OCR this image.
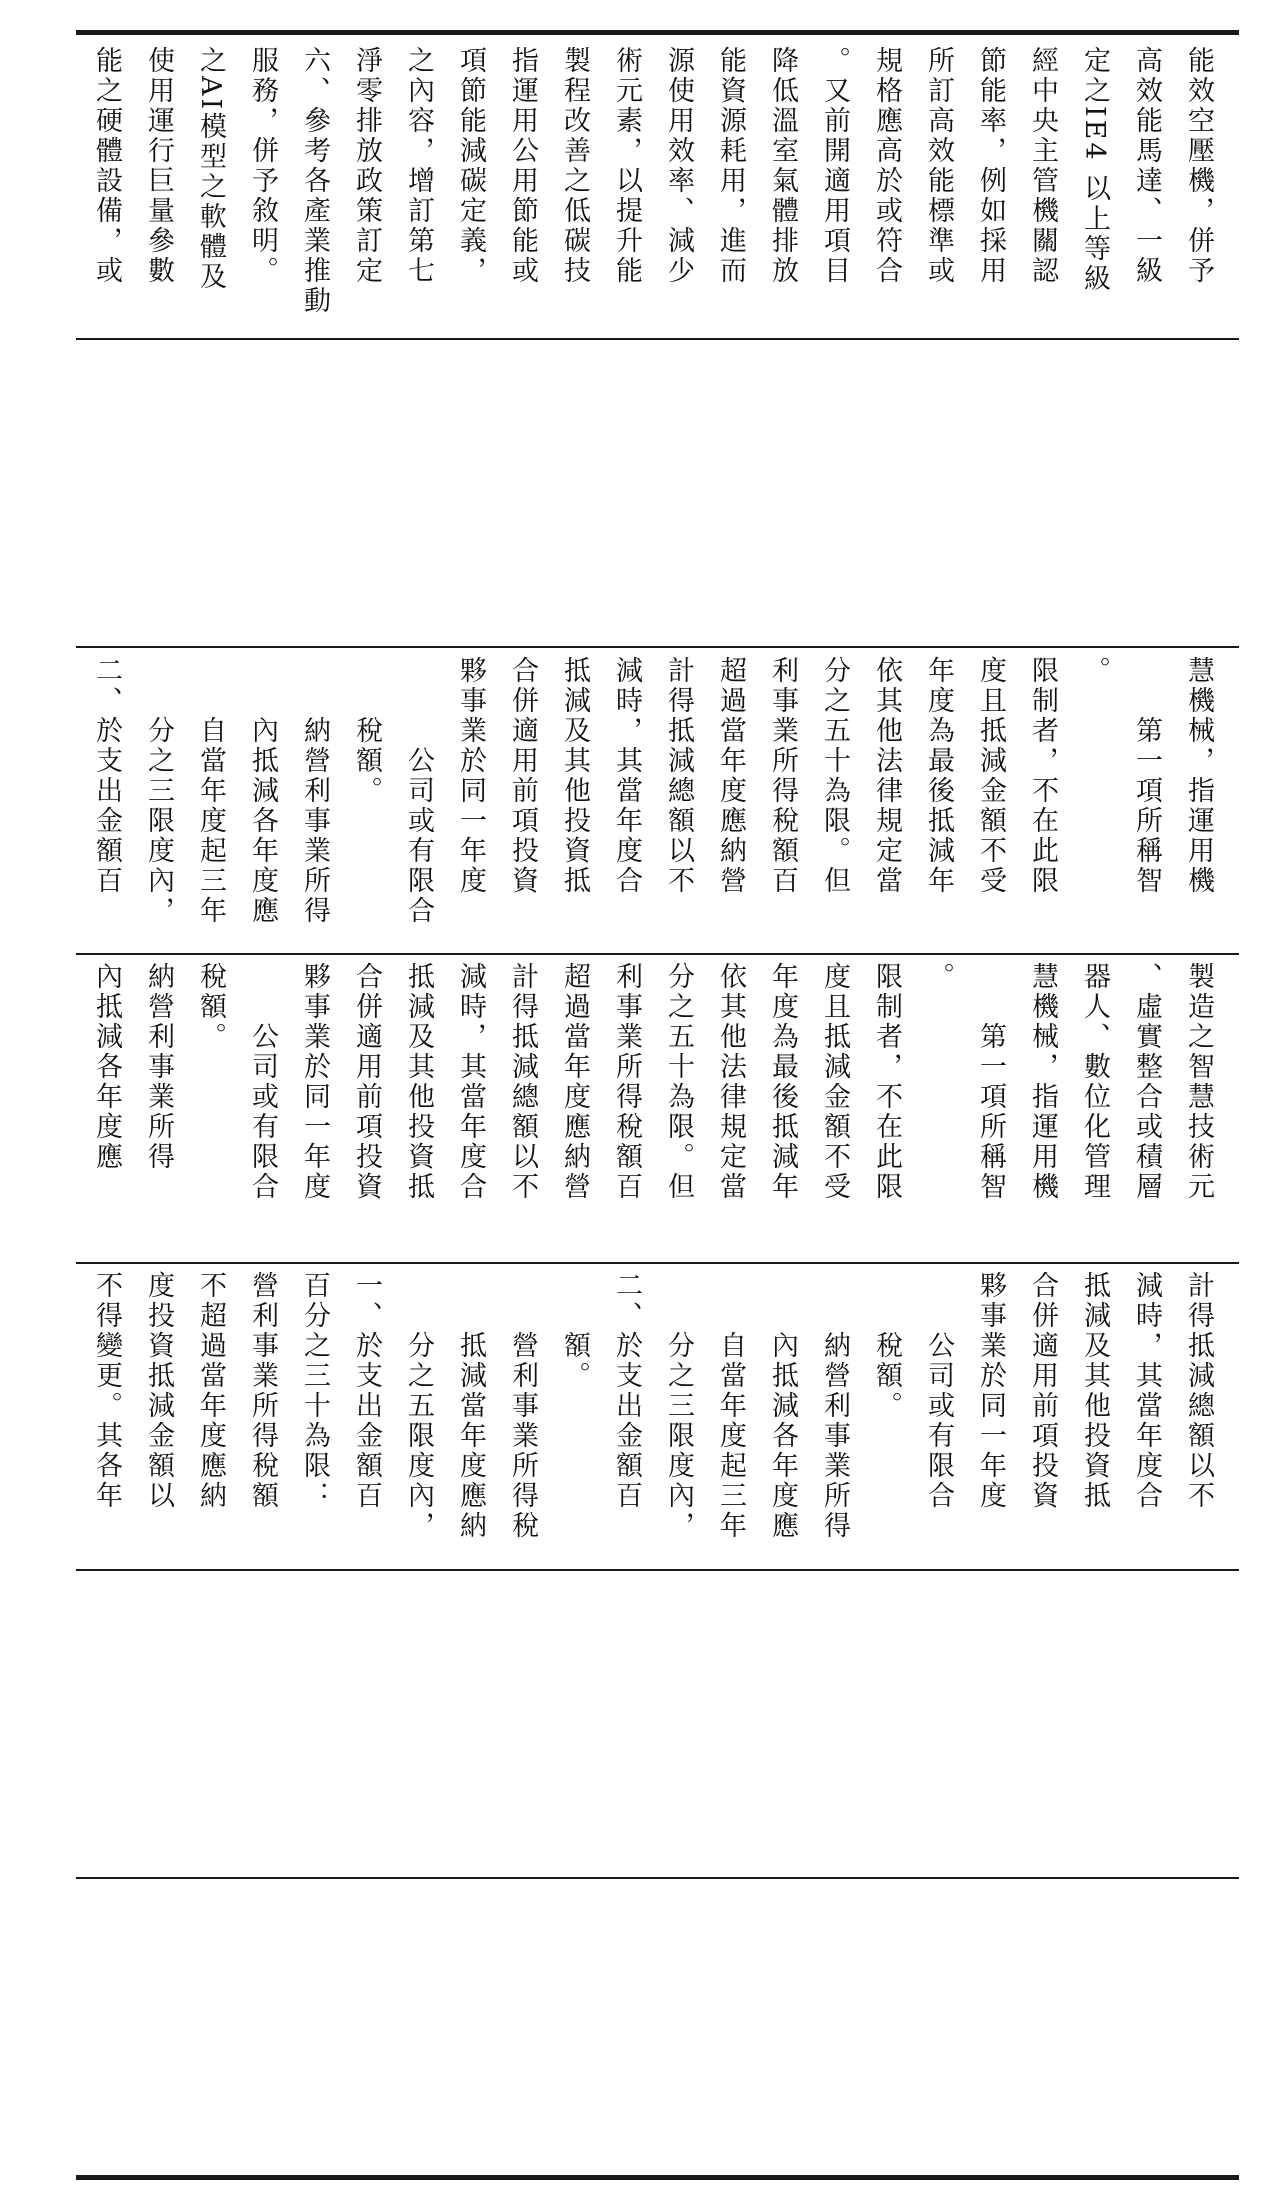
能之硬體設備，或 使用運行巨量參數 之AI模型之軟體及 服務，併予敘明。 六、參考各產業推動 淨零排放政策訂定 之內容，增訂第七 項節能減碳定義， 指運用公用節能或 製程改善之低碳技 術元素，以提升能 源使用效率、減少 能資源耗用，進而 降低溫室氣體排放 。又前開適用項目 規格應高於或符合 所訂高效能標準或 節能率，例如採用 經中央主管機關認 定之IE4 以上等級 高效能馬達、一級 能效空壓機，併予
內抵減各年度應 納營利事業所得 稅額。 　　公司或有限合 夥事業於同一年度 合併適用前項投資 抵減及其他投資抵 減時，其當年度合 計得抵減總額以不 超過當年度應納營 利事業所得稅額百 分之五十為限。但 依其他法律規定當 年度為最後抵減年 度且抵減金額不受 限制者，不在此限 。 　　第一項所稱智 慧機械，指運用機 器人、數位化管理 、虛實整合或積層 製造之智慧技術元
二、於支出金額百 　　分之三限度內， 　　自當年度起三年 　　內抵減各年度應 　　納營利事業所得 　　稅額。 　　　公司或有限合 夥事業於同一年度 合併適用前項投資 抵減及其他投資抵 減時，其當年度合 計得抵減總額以不 超過當年度應納營 利事業所得稅額百 分之五十為限。但 依其他法律規定當 年度為最後抵減年 度且抵減金額不受 限制者，不在此限 。 　　第一項所稱智 慧機械，指運用機
不得變更。其各年 度投資抵減金額以 不超過當年度應納 營利事業所得稅額 百分之三十為限： 一、於支出金額百 　　分之五限度內， 　　抵減當年度應納 　　營利事業所得稅 　　額。 二、於支出金額百 　　分之三限度內， 　　自當年度起三年 　　內抵減各年度應 　　納營利事業所得 　　稅額。 　　公司或有限合 夥事業於同一年度 合併適用前項投資 抵減及其他投資抵 減時，其當年度合 計得抵減總額以不
